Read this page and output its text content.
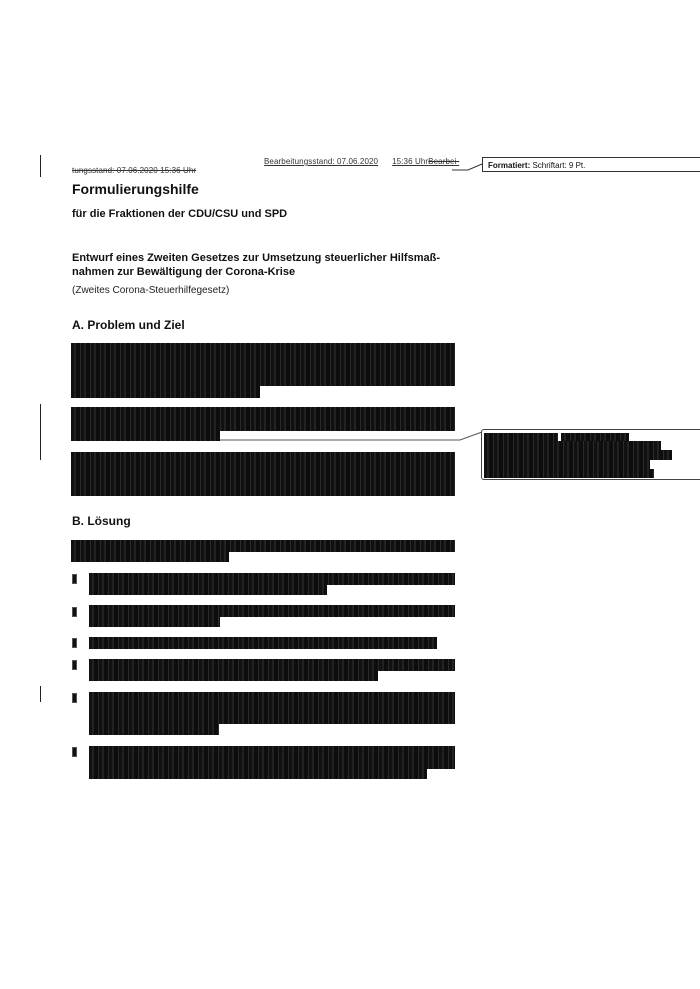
Bearbeitungsstand: 07.06.2020 15:36 UhrBearbei-
tungsstand: 07.06.2020 15:36 Uhr
Formatiert: Schriftart: 9 Pt.
Formulierungshilfe
für die Fraktionen der CDU/CSU und SPD
Entwurf eines Zweiten Gesetzes zur Umsetzung steuerlicher Hilfsmaß-
nahmen zur Bewältigung der Corona-Krise
(Zweites Corona-Steuerhilfegesetz)
A. Problem und Ziel
B. Lösung
